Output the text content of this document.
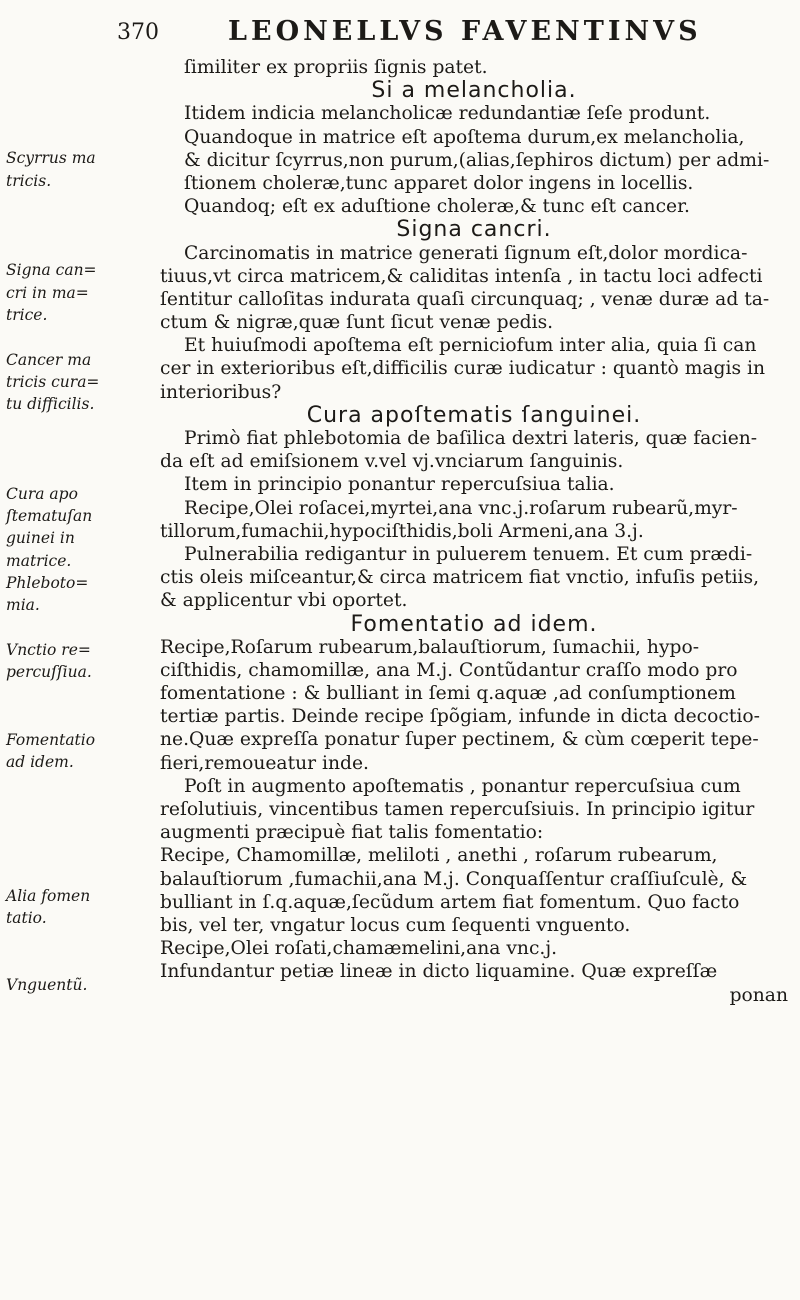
370	LEONELLVS FAVENTINVS
ſimiliter ex propriis ſignis patet.
Si a melancholia.
Itidem indicia melancholicæ redundantiæ ſeſe produnt.
Quandoque in matrice eſt apoſtema durum,ex melancholia,
& dicitur ſcyrrus,non purum,(alias,ſephiros dictum) per admi-
ſtionem choleræ,tunc apparet dolor ingens in locellis.
Quandoq; eſt ex aduſtione choleræ,& tunc eſt cancer.
Signa cancri.
Carcinomatis in matrice generati ſignum eſt,dolor mordica-
tiuus,vt circa matricem,& caliditas intenſa , in tactu loci adfecti
ſentitur calloſitas indurata quaſi circunquaq; , venæ duræ ad ta-
ctum & nigræ,quæ ſunt ſicut venæ pedis.
Et huiuſmodi apoſtema eſt perniciofum inter alia, quia ſi can
cer in exterioribus eſt,difficilis curæ iudicatur : quantò magis in
interioribus?
Cura apoſtematis ſanguinei.
Primò fiat phlebotomia de baſilica dextri lateris, quæ facien-
da eſt ad emiſsionem v.vel vj.vnciarum ſanguinis.
Item in principio ponantur repercuſsiua talia.
Recipe,Olei roſacei,myrtei,ana vnc.j.roſarum rubearũ,myr-
tillorum,fumachii,hypociſthidis,boli Armeni,ana 3.j.
Pulnerabilia redigantur in puluerem tenuem. Et cum prædi-
ctis oleis miſceantur,& circa matricem fiat vnctio, infuſis petiis,
& applicentur vbi oportet.
Fomentatio ad idem.
Recipe,Roſarum rubearum,balauſtiorum, ſumachii, hypo-
ciſthidis, chamomillæ, ana M.j. Contũdantur craſſo modo pro
fomentatione : & bulliant in ſemi q.aquæ ,ad conſumptionem
tertiæ partis. Deinde recipe ſpõgiam, infunde in dicta decoctio-
ne.Quæ expreſſa ponatur ſuper pectinem, & cùm cœperit tepe-
fieri,remoueatur inde.
Poſt in augmento apoſtematis , ponantur repercuſsiua cum
reſolutiuis, vincentibus tamen repercuſsiuis. In principio igitur
augmenti præcipuè fiat talis fomentatio:
Recipe, Chamomillæ, meliloti , anethi , roſarum rubearum,
balauſtiorum ,fumachii,ana M.j. Conquaſſentur craſſiuſculè, &
bulliant in ſ.q.aquæ,ſecũdum artem fiat fomentum. Quo facto
bis, vel ter, vngatur locus cum ſequenti vnguento.
Recipe,Olei roſati,chamæmelini,ana vnc.j.
Infundantur petiæ lineæ in dicto liquamine. Quæ expreſſæ
ponan
Scyrrus ma
tricis.
Signa can=
cri in ma=
trice.
Cancer ma
tricis cura=
tu difficilis.
Cura apo
ſtematuſan
guinei in
matrice.
Phleboto=
mia.
Vnctio re=
percuſſiua.
Fomentatio
ad idem.
Alia fomen
tatio.
Vnguentũ.
